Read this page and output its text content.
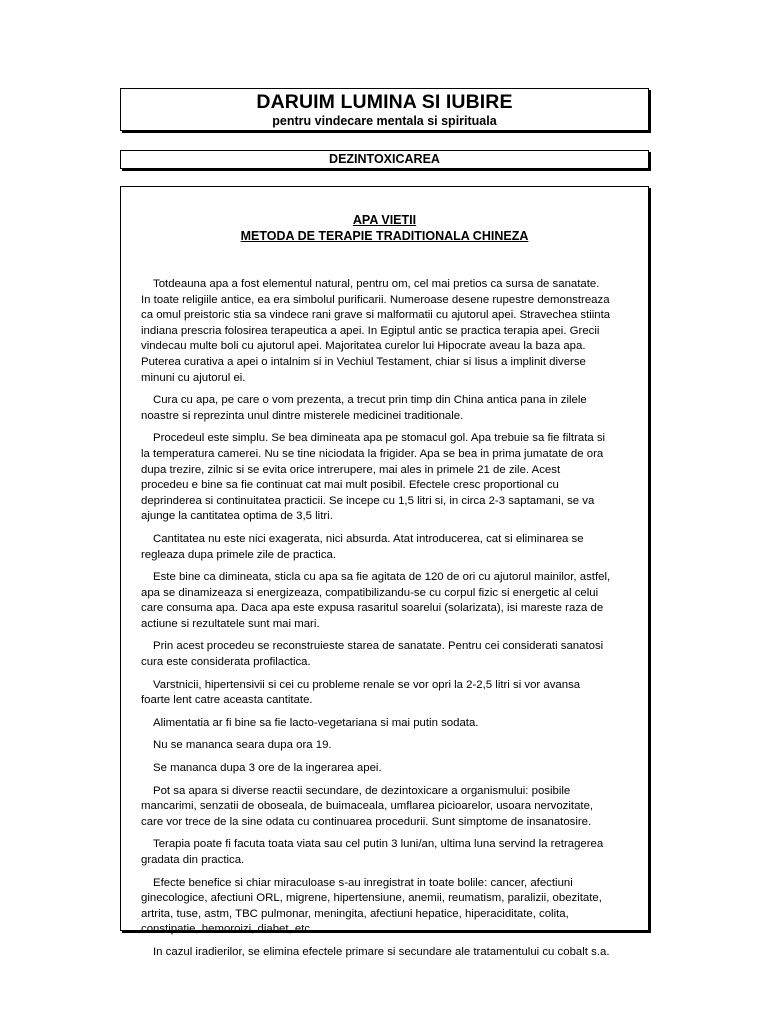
DARUIM LUMINA SI IUBIRE
pentru vindecare mentala si spirituala
DEZINTOXICAREA
APA VIETII
METODA DE TERAPIE TRADITIONALA CHINEZA

Totdeauna apa a fost elementul natural, pentru om, cel mai pretios ca sursa de sanatate.
In toate religiile antice, ea era simbolul purificarii. Numeroase desene rupestre demonstreaza
ca omul preistoric stia sa vindece rani grave si malformatii cu ajutorul apei. Stravechea stiinta
indiana prescria folosirea terapeutica a apei. In Egiptul antic se practica terapia apei. Grecii
vindecau multe boli cu ajutorul apei. Majoritatea curelor lui Hipocrate aveau la baza apa.
Puterea curativa a apei o intalnim si in Vechiul Testament, chiar si Iisus a implinit diverse
minuni cu ajutorul ei.

Cura cu apa, pe care o vom prezenta, a trecut prin timp din China antica pana in zilele
noastre si reprezinta unul dintre misterele medicinei traditionale.

Procedeul este simplu. Se bea dimineata apa pe stomacul gol. Apa trebuie sa fie filtrata si
la temperatura camerei. Nu se tine niciodata la frigider. Apa se bea in prima jumatate de ora
dupa trezire, zilnic si se evita orice intrerupere, mai ales in primele 21 de zile. Acest
procedeu e bine sa fie continuat cat mai mult posibil. Efectele cresc proportional cu
deprinderea si continuitatea practicii. Se incepe cu 1,5 litri si, in circa 2-3 saptamani, se va
ajunge la cantitatea optima de 3,5 litri.

Cantitatea nu este nici exagerata, nici absurda. Atat introducerea, cat si eliminarea se
regleaza dupa primele zile de practica.

Este bine ca dimineata, sticla cu apa sa fie agitata de 120 de ori cu ajutorul mainilor, astfel,
apa se dinamizeaza si energizeaza, compatibilizandu-se cu corpul fizic si energetic al celui
care consuma apa. Daca apa este expusa rasaritul soarelui (solarizata), isi mareste raza de
actiune si rezultatele sunt mai mari.

Prin acest procedeu se reconstruieste starea de sanatate. Pentru cei considerati sanatosi
cura este considerata profilactica.

Varstnicii, hipertensivii si cei cu probleme renale se vor opri la 2-2,5 litri si vor avansa
foarte lent catre aceasta cantitate.

Alimentatia ar fi bine sa fie lacto-vegetariana si mai putin sodata.

Nu se mananca seara dupa ora 19.

Se mananca dupa 3 ore de la ingerarea apei.

Pot sa apara si diverse reactii secundare, de dezintoxicare a organismului: posibile
mancarimi, senzatii de oboseala, de buimaceala, umflarea picioarelor, usoara nervozitate,
care vor trece de la sine odata cu continuarea procedurii. Sunt simptome de insanatosire.

Terapia poate fi facuta toata viata sau cel putin 3 luni/an, ultima luna servind la retragerea
gradata din practica.

Efecte benefice si chiar miraculoase s-au inregistrat in toate bolile: cancer, afectiuni
ginecologice, afectiuni ORL, migrene, hipertensiune, anemii, reumatism, paralizii, obezitate,
artrita, tuse, astm, TBC pulmonar, meningita, afectiuni hepatice, hiperaciditate, colita,
constipatie, hemoroizi, diabet, etc.

In cazul iradierilor, se elimina efectele primare si secundare ale tratamentului cu cobalt s.a.
